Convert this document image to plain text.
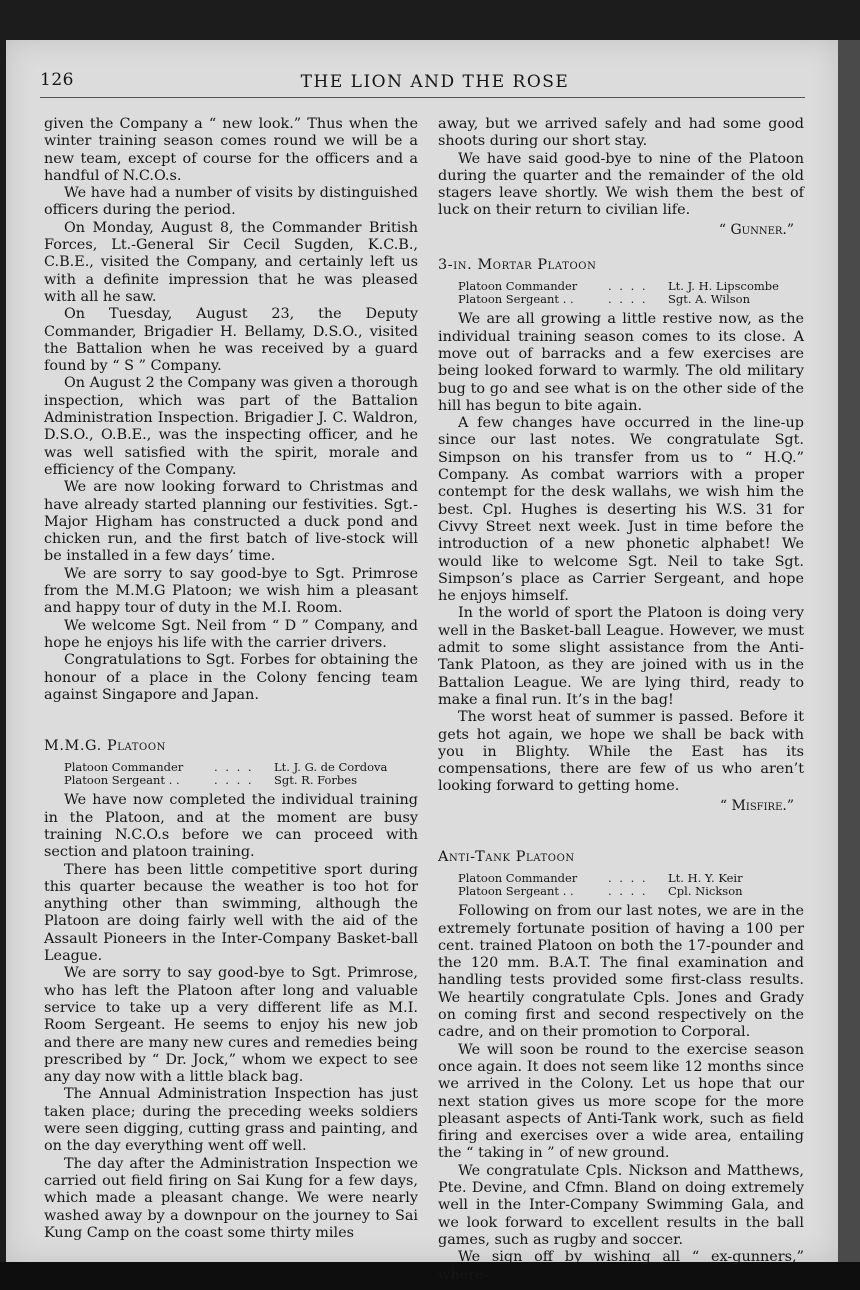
126	THE LION AND THE ROSE

given the Company a “ new look.” Thus when the winter training season comes round we will be a new team, except of course for the officers and a handful of N.C.O.s.

We have had a number of visits by distinguished officers during the period.

On Monday, August 8, the Commander British Forces, Lt.-General Sir Cecil Sugden, K.C.B., C.B.E., visited the Company, and certainly left us with a definite impression that he was pleased with all he saw.

On Tuesday, August 23, the Deputy Commander, Brigadier H. Bellamy, D.S.O., visited the Battalion when he was received by a guard found by “ S ” Company.

On August 2 the Company was given a thorough inspection, which was part of the Battalion Administration Inspection. Brigadier J. C. Waldron, D.S.O., O.B.E., was the inspecting officer, and he was well satisfied with the spirit, morale and efficiency of the Company.

We are now looking forward to Christmas and have already started planning our festivities. Sgt.-Major Higham has constructed a duck pond and chicken run, and the first batch of live-stock will be installed in a few days’ time.

We are sorry to say good-bye to Sgt. Primrose from the M.M.G Platoon; we wish him a pleasant and happy tour of duty in the M.I. Room.

We welcome Sgt. Neil from “ D ” Company, and hope he enjoys his life with the carrier drivers.

Congratulations to Sgt. Forbes for obtaining the honour of a place in the Colony fencing team against Singapore and Japan.

M.M.G. Platoon
Platoon Commander	. . . .	Lt. J. G. de Cordova
Platoon Sergeant . .	. . . .	Sgt. R. Forbes

We have now completed the individual training in the Platoon, and at the moment are busy training N.C.O.s before we can proceed with section and platoon training.

There has been little competitive sport during this quarter because the weather is too hot for anything other than swimming, although the Platoon are doing fairly well with the aid of the Assault Pioneers in the Inter-Company Basket-ball League.

We are sorry to say good-bye to Sgt. Primrose, who has left the Platoon after long and valuable service to take up a very different life as M.I. Room Sergeant. He seems to enjoy his new job and there are many new cures and remedies being prescribed by “ Dr. Jock,” whom we expect to see any day now with a little black bag.

The Annual Administration Inspection has just taken place; during the preceding weeks soldiers were seen digging, cutting grass and painting, and on the day everything went off well.

The day after the Administration Inspection we carried out field firing on Sai Kung for a few days, which made a pleasant change. We were nearly washed away by a downpour on the journey to Sai Kung Camp on the coast some thirty miles

away, but we arrived safely and had some good shoots during our short stay.

We have said good-bye to nine of the Platoon during the quarter and the remainder of the old stagers leave shortly. We wish them the best of luck on their return to civilian life.

“ Gunner.”
3-in. Mortar Platoon
Platoon Commander	. . . .	Lt. J. H. Lipscombe
Platoon Sergeant . .	. . . .	Sgt. A. Wilson

We are all growing a little restive now, as the individual training season comes to its close. A move out of barracks and a few exercises are being looked forward to warmly. The old military bug to go and see what is on the other side of the hill has begun to bite again.

A few changes have occurred in the line-up since our last notes. We congratulate Sgt. Simpson on his transfer from us to “ H.Q.” Company. As combat warriors with a proper contempt for the desk wallahs, we wish him the best. Cpl. Hughes is deserting his W.S. 31 for Civvy Street next week. Just in time before the introduction of a new phonetic alphabet! We would like to welcome Sgt. Neil to take Sgt. Simpson’s place as Carrier Sergeant, and hope he enjoys himself.

In the world of sport the Platoon is doing very well in the Basket-ball League. However, we must admit to some slight assistance from the Anti-Tank Platoon, as they are joined with us in the Battalion League. We are lying third, ready to make a final run. It’s in the bag!

The worst heat of summer is passed. Before it gets hot again, we hope we shall be back with you in Blighty. While the East has its compensations, there are few of us who aren’t looking forward to getting home.

“ Misfire.”
Anti-Tank Platoon
Platoon Commander	. . . .	Lt. H. Y. Keir
Platoon Sergeant . .	. . . .	Cpl. Nickson

Following on from our last notes, we are in the extremely fortunate position of having a 100 per cent. trained Platoon on both the 17-pounder and the 120 mm. B.A.T. The final examination and handling tests provided some first-class results. We heartily congratulate Cpls. Jones and Grady on coming first and second respectively on the cadre, and on their promotion to Corporal.

We will soon be round to the exercise season once again. It does not seem like 12 months since we arrived in the Colony. Let us hope that our next station gives us more scope for the more pleasant aspects of Anti-Tank work, such as field firing and exercises over a wide area, entailing the “ taking in ” of new ground.

We congratulate Cpls. Nickson and Matthews, Pte. Devine, and Cfmn. Bland on doing extremely well in the Inter-Company Swimming Gala, and we look forward to excellent results in the ball games, such as rugby and soccer.

We sign off by wishing all “ ex-gunners,” where-
